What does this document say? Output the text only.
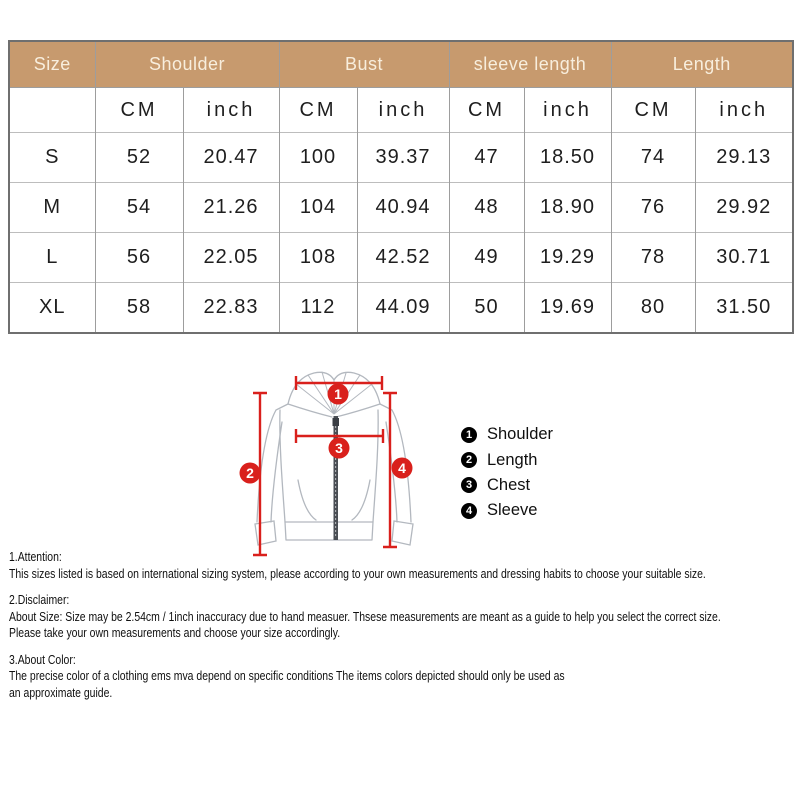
Size	Shoulder		Bust		sleeve length		Length	
	CM	inch	CM	inch	CM	inch	CM	inch
S	52	20.47	100	39.37	47	18.50	74	29.13
M	54	21.26	104	40.94	48	18.90	76	29.92
L	56	22.05	108	42.52	49	19.29	78	30.71
XL	58	22.83	112	44.09	50	19.69	80	31.50
1
2
3
4
1 Shoulder
2 Length
3 Chest
4 Sleeve
1.Attention:
This sizes listed is based on international sizing system, please according to your own measurements and dressing habits to choose your suitable size.
2.Disclaimer:
About Size: Size may be 2.54cm / 1inch inaccuracy due to hand measuer. Thsese measurements are meant as a guide to help you select the correct size.
Please take your own measurements and choose your size accordingly.
3.About Color:
The precise color of a clothing ems mva depend on specific conditions The items colors depicted should only be used as
an approximate guide.
